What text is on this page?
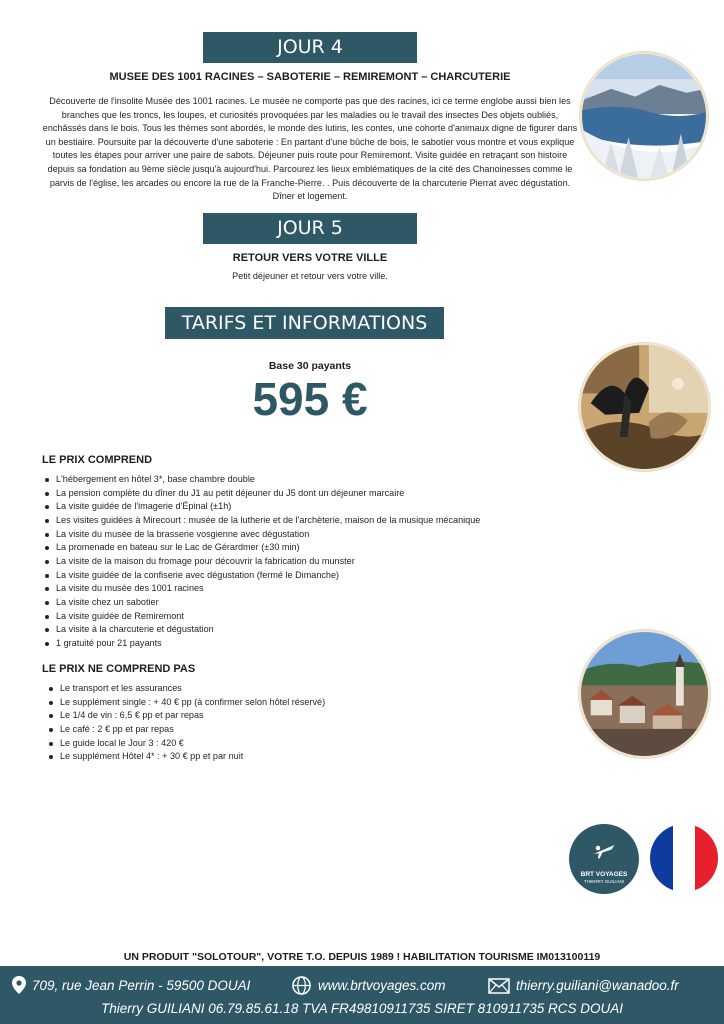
JOUR 4
MUSEE DES 1001 RACINES – SABOTERIE – REMIREMONT – CHARCUTERIE
Découverte de l'insolite Musée des 1001 racines. Le musée ne comporte pas que des racines, ici ce terme englobe aussi bien les branches que les troncs, les loupes, et curiosités provoquées par les maladies ou le travail des insectes Des objets oubliés, enchâssés dans le bois. Tous les thèmes sont abordés, le monde des lutins, les contes, une cohorte d'animaux digne de figurer dans un bestiaire. Poursuite par la découverte d'une saboterie : En partant d'une bûche de bois, le sabotier vous montre et vous explique toutes les étapes pour arriver une paire de sabots. Déjeuner puis route pour Remiremont. Visite guidée en retraçant son histoire depuis sa fondation au 9ème siècle jusqu'à aujourd'hui. Parcourez les lieux emblématiques de la cité des Chanoinesses comme le parvis de l'église, les arcades ou encore la rue de la Franche-Pierre. . Puis découverte de la charcuterie Pierrat avec dégustation. Dîner et logement.
JOUR 5
RETOUR VERS VOTRE VILLE
Petit déjeuner et retour vers votre ville.
TARIFS ET INFORMATIONS
Base 30 payants
595 €
LE PRIX COMPREND
L'hébergement en hôtel 3*, base chambre double
La pension complète du dîner du J1 au petit déjeuner du J5 dont un déjeuner marcaire
La visite guidée de l'imagerie d'Épinal (±1h)
Les visites guidées à Mirecourt : musée de la lutherie et de l'archèterie, maison de la musique mécanique
La visite du musée de la brasserie vosgienne avec dégustation
La promenade en bateau sur le Lac de Gérardmer (±30 min)
La visite de la maison du fromage pour découvrir la fabrication du munster
La visite guidée de la confiserie avec dégustation (fermé le Dimanche)
La visite du musée des 1001 racines
La visite chez un sabotier
La visite guidée de Remiremont
La visite à la charcuterie et dégustation
1 gratuité pour 21 payants
LE PRIX NE COMPREND PAS
Le transport et les assurances
Le supplément single : + 40 € pp (à confirmer selon hôtel réservé)
Le 1/4 de vin : 6,5 € pp et par repas
Le café : 2 € pp et par repas
Le guide local le Jour 3 : 420 €
Le supplément Hôtel 4* : + 30 € pp et par nuit
BRT VOYAGES
THIERRY GUILIANI
UN PRODUIT "SOLOTOUR", VOTRE T.O. DEPUIS 1989 ! HABILITATION TOURISME IM013100119
709, rue Jean Perrin - 59500 DOUAI	www.brtvoyages.com	thierry.guiliani@wanadoo.fr
Thierry GUILIANI 06.79.85.61.18 TVA FR49810911735 SIRET 810911735 RCS DOUAI
